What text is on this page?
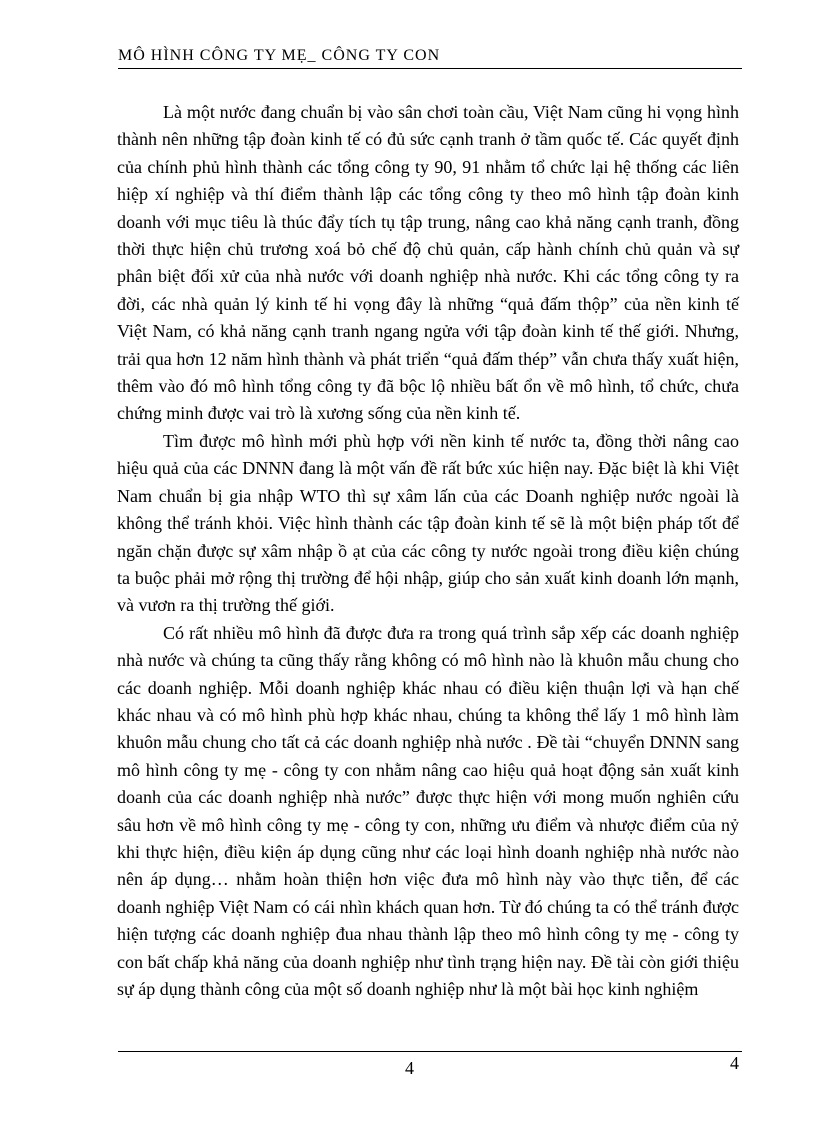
MÔ HÌNH CÔNG TY MẸ_ CÔNG TY CON

Là một nước đang chuẩn bị vào sân chơi toàn cầu, Việt Nam cũng hi vọng hình thành nên những tập đoàn kinh tế có đủ sức cạnh tranh ở tầm quốc tế. Các quyết định của chính phủ hình thành các tổng công ty 90, 91 nhằm tổ chức lại hệ thống các liên hiệp xí nghiệp và thí điểm thành lập các tổng công ty theo mô hình tập đoàn kinh doanh với mục tiêu là thúc đẩy tích tụ tập trung, nâng cao khả năng cạnh tranh, đồng thời thực hiện chủ trương xoá bỏ chế độ chủ quản, cấp hành chính chủ quản và sự phân biệt đối xử của nhà nước với doanh nghiệp nhà nước. Khi các tổng công ty ra đời, các nhà quản lý kinh tế hi vọng đây là những “quả đấm thộp” của nền kinh tế Việt Nam, có khả năng cạnh tranh ngang ngửa với tập đoàn kinh tế thế giới. Nhưng, trải qua hơn 12 năm hình thành và phát triển “quả đấm thép” vẫn chưa thấy xuất hiện, thêm vào đó mô hình tổng công ty đã bộc lộ nhiều bất ổn về mô hình, tổ chức, chưa chứng minh được vai trò là xương sống của nền kinh tế.

Tìm được mô hình mới phù hợp với nền kinh tế nước ta, đồng thời nâng cao hiệu quả của các DNNN đang là một vấn đề rất bức xúc hiện nay. Đặc biệt là khi Việt Nam chuẩn bị gia nhập WTO thì sự xâm lấn của các Doanh nghiệp nước ngoài là không thể tránh khỏi. Việc hình thành các tập đoàn kinh tế sẽ là một biện pháp tốt để ngăn chặn được sự xâm nhập ồ ạt của các công ty nước ngoài trong điều kiện chúng ta buộc phải mở rộng thị trường để hội nhập, giúp cho sản xuất kinh doanh lớn mạnh, và vươn ra thị trường thế giới.

Có rất nhiều mô hình đã được đưa ra trong quá trình sắp xếp các doanh nghiệp nhà nước và chúng ta cũng thấy rằng không có mô hình nào là khuôn mẫu chung cho các doanh nghiệp. Mỗi doanh nghiệp khác nhau có điều kiện thuận lợi và hạn chế khác nhau và có mô hình phù hợp khác nhau, chúng ta không thể lấy 1 mô hình làm khuôn mẫu chung cho tất cả các doanh nghiệp nhà nước . Đề tài “chuyển DNNN sang mô hình công ty mẹ - công ty con nhằm nâng cao hiệu quả hoạt động sản xuất kinh doanh của các doanh nghiệp nhà nước” được thực hiện với mong muốn nghiên cứu sâu hơn về mô hình công ty mẹ - công ty con, những ưu điểm và nhược điểm của nỷ khi thực hiện, điều kiện áp dụng cũng như các loại hình doanh nghiệp nhà nước nào nên áp dụng… nhằm hoàn thiện hơn việc đưa mô hình này vào thực tiễn, để các doanh nghiệp Việt Nam có cái nhìn khách quan hơn. Từ đó chúng ta có thể tránh được hiện tượng các doanh nghiệp đua nhau thành lập theo mô hình công ty mẹ - công ty con bất chấp khả năng của doanh nghiệp như tình trạng hiện nay. Đề tài còn giới thiệu sự áp dụng thành công của một số doanh nghiệp như là một bài học kinh nghiệm

4	4
